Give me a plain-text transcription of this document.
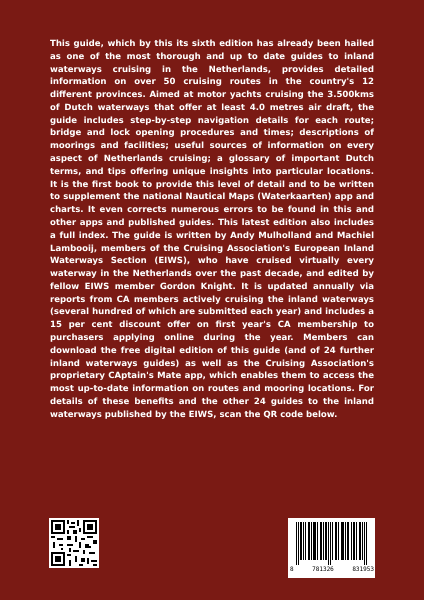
This guide, which by this its sixth edition has already been hailed as one of the most thorough and up to date guides to inland waterways cruising in the Netherlands, provides detailed information on over 50 cruising routes in the country's 12 different provinces. Aimed at motor yachts cruising the 3.500kms of Dutch waterways that offer at least 4.0 metres air draft, the guide includes step-by-step navigation details for each route; bridge and lock opening procedures and times; descriptions of moorings and facilities; useful sources of information on every aspect of Netherlands cruising; a glossary of important Dutch terms, and tips offering unique insights into particular locations. It is the first book to provide this level of detail and to be written to supplement the national Nautical Maps (Waterkaarten) app and charts. It even corrects numerous errors to be found in this and other apps and published guides. This latest edition also includes a full index. The guide is written by Andy Mulholland and Machiel Lambooij, members of the Cruising Association's European Inland Waterways Section (EIWS), who have cruised virtually every waterway in the Netherlands over the past decade, and edited by fellow EIWS member Gordon Knight. It is updated annually via reports from CA members actively cruising the inland waterways (several hundred of which are submitted each year) and includes a 15 per cent discount offer on first year's CA membership to purchasers applying online during the year. Members can download the free digital edition of this guide (and of 24 further inland waterways guides) as well as the Cruising Association's proprietary CAptain's Mate app, which enables them to access the most up-to-date information on routes and mooring locations. For details of these benefits and the other 24 guides to the inland waterways published by the EIWS, scan the QR code below.

8	781326	831953
